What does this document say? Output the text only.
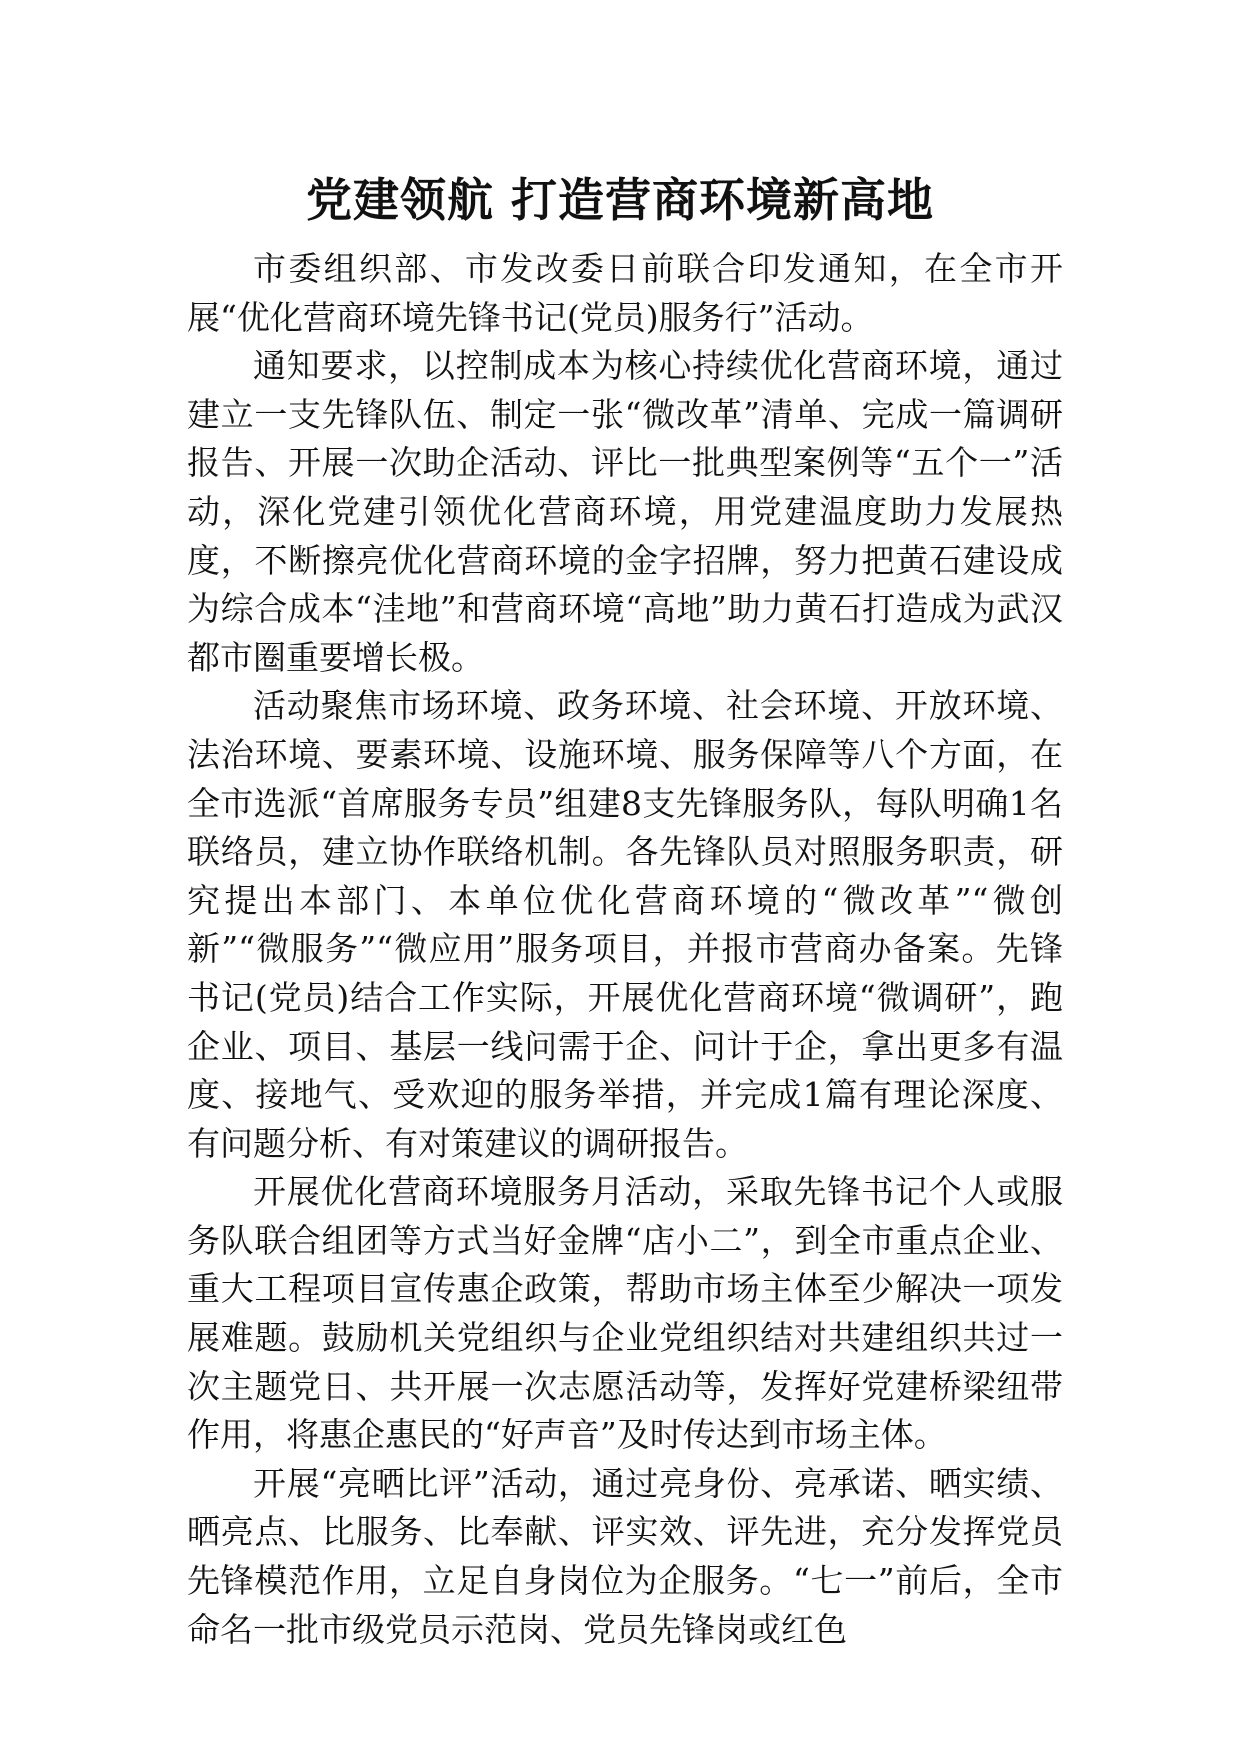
党建领航 打造营商环境新高地

市委组织部、市发改委日前联合印发通知，在全市开展“优化营商环境先锋书记(党员)服务行”活动。

通知要求，以控制成本为核心持续优化营商环境，通过建立一支先锋队伍、制定一张“微改革”清单、完成一篇调研报告、开展一次助企活动、评比一批典型案例等“五个一”活动，深化党建引领优化营商环境，用党建温度助力发展热度，不断擦亮优化营商环境的金字招牌，努力把黄石建设成为综合成本“洼地”和营商环境“高地”助力黄石打造成为武汉都市圈重要增长极。

活动聚焦市场环境、政务环境、社会环境、开放环境、法治环境、要素环境、设施环境、服务保障等八个方面，在全市选派“首席服务专员”组建8支先锋服务队，每队明确1名联络员，建立协作联络机制。各先锋队员对照服务职责，研究提出本部门、本单位优化营商环境的“微改革”“微创新”“微服务”“微应用”服务项目，并报市营商办备案。先锋书记(党员)结合工作实际，开展优化营商环境“微调研”，跑企业、项目、基层一线问需于企、问计于企，拿出更多有温度、接地气、受欢迎的服务举措，并完成1篇有理论深度、有问题分析、有对策建议的调研报告。

开展优化营商环境服务月活动，采取先锋书记个人或服务队联合组团等方式当好金牌“店小二”，到全市重点企业、重大工程项目宣传惠企政策，帮助市场主体至少解决一项发展难题。鼓励机关党组织与企业党组织结对共建组织共过一次主题党日、共开展一次志愿活动等，发挥好党建桥梁纽带作用，将惠企惠民的“好声音”及时传达到市场主体。

开展“亮晒比评”活动，通过亮身份、亮承诺、晒实绩、晒亮点、比服务、比奉献、评实效、评先进，充分发挥党员先锋模范作用，立足自身岗位为企服务。“七一”前后，全市命名一批市级党员示范岗、党员先锋岗或红色
